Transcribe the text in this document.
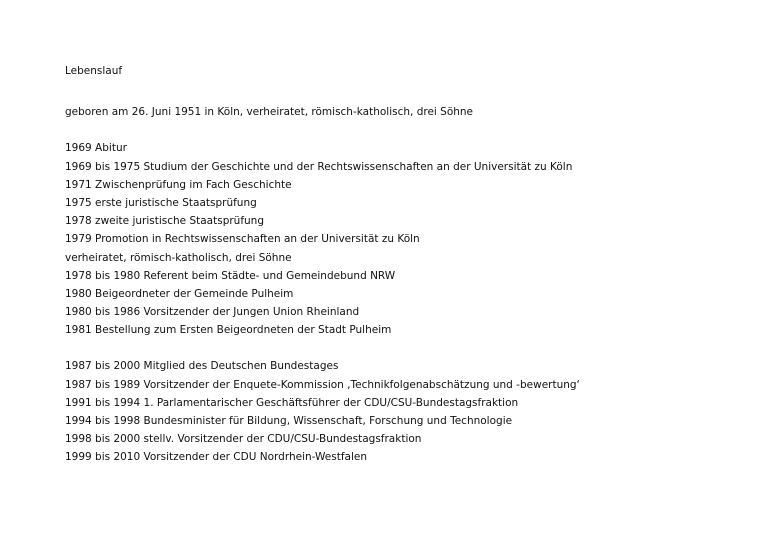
Lebenslauf

geboren am 26. Juni 1951 in Köln, verheiratet, römisch-katholisch, drei Söhne

1969 Abitur

1969 bis 1975 Studium der Geschichte und der Rechtswissenschaften an der Universität zu Köln

1971 Zwischenprüfung im Fach Geschichte

1975 erste juristische Staatsprüfung

1978 zweite juristische Staatsprüfung

1979 Promotion in Rechtswissenschaften an der Universität zu Köln

verheiratet, römisch-katholisch, drei Söhne

1978 bis 1980 Referent beim Städte- und Gemeindebund NRW

1980 Beigeordneter der Gemeinde Pulheim

1980 bis 1986 Vorsitzender der Jungen Union Rheinland

1981 Bestellung zum Ersten Beigeordneten der Stadt Pulheim

1987 bis 2000 Mitglied des Deutschen Bundestages

1987 bis 1989 Vorsitzender der Enquete-Kommission ‚Technikfolgenabschätzung und -bewertung‘

1991 bis 1994 1. Parlamentarischer Geschäftsführer der CDU/CSU-Bundestagsfraktion

1994 bis 1998 Bundesminister für Bildung, Wissenschaft, Forschung und Technologie

1998 bis 2000 stellv. Vorsitzender der CDU/CSU-Bundestagsfraktion

1999 bis 2010 Vorsitzender der CDU Nordrhein-Westfalen
